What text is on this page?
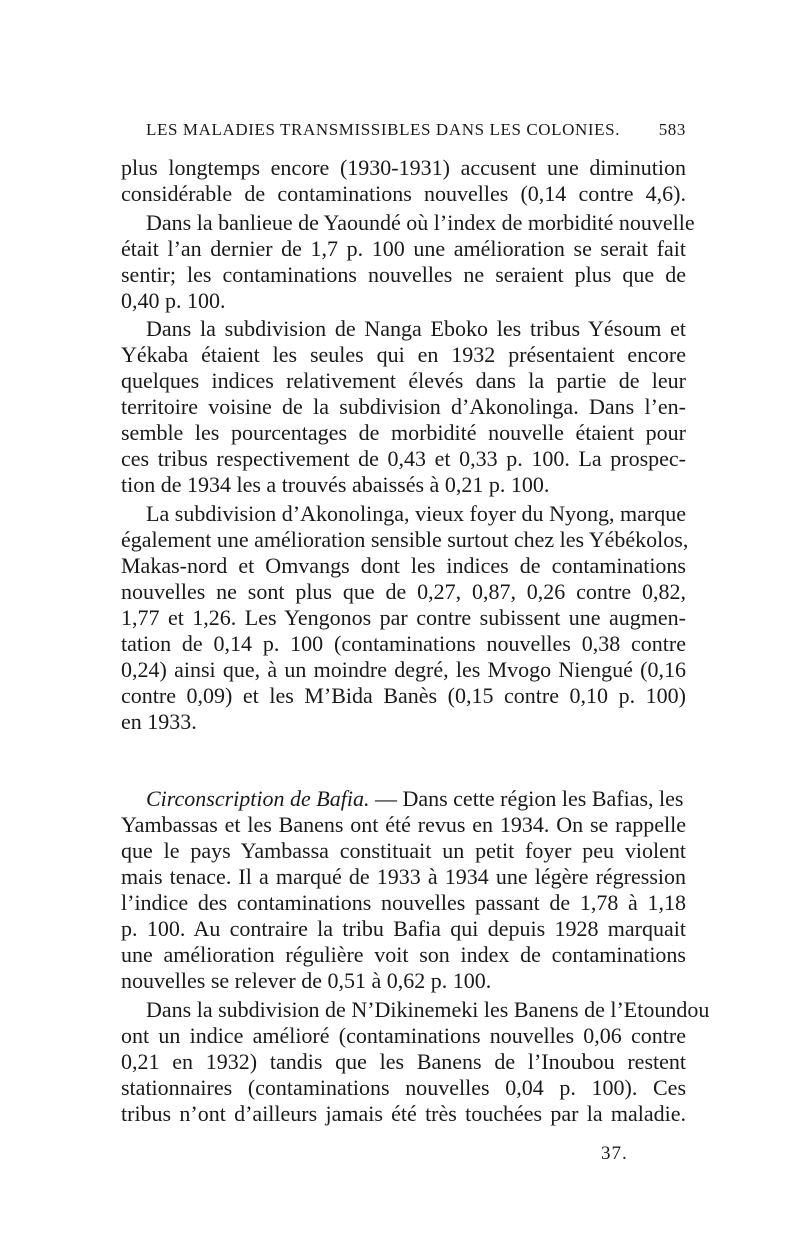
LES MALADIES TRANSMISSIBLES DANS LES COLONIES. 583
plus longtemps encore (1930-1931) accusent une diminution
considérable de contaminations nouvelles (0,14 contre 4,6).
Dans la banlieue de Yaoundé où l’index de morbidité nouvelle
était l’an dernier de 1,7 p. 100 une amélioration se serait fait
sentir; les contaminations nouvelles ne seraient plus que de
0,40 p. 100.
Dans la subdivision de Nanga Eboko les tribus Yésoum et
Yékaba étaient les seules qui en 1932 présentaient encore
quelques indices relativement élevés dans la partie de leur
territoire voisine de la subdivision d’Akonolinga. Dans l’en-
semble les pourcentages de morbidité nouvelle étaient pour
ces tribus respectivement de 0,43 et 0,33 p. 100. La prospec-
tion de 1934 les a trouvés abaissés à 0,21 p. 100.
La subdivision d’Akonolinga, vieux foyer du Nyong, marque
également une amélioration sensible surtout chez les Yébékolos,
Makas-nord et Omvangs dont les indices de contaminations
nouvelles ne sont plus que de 0,27, 0,87, 0,26 contre 0,82,
1,77 et 1,26. Les Yengonos par contre subissent une augmen-
tation de 0,14 p. 100 (contaminations nouvelles 0,38 contre
0,24) ainsi que, à un moindre degré, les Mvogo Niengué (0,16
contre 0,09) et les M’Bida Banès (0,15 contre 0,10 p. 100)
en 1933.
Circonscription de Bafia. — Dans cette région les Bafias, les
Yambassas et les Banens ont été revus en 1934. On se rappelle
que le pays Yambassa constituait un petit foyer peu violent
mais tenace. Il a marqué de 1933 à 1934 une légère régression
l’indice des contaminations nouvelles passant de 1,78 à 1,18
p. 100. Au contraire la tribu Bafia qui depuis 1928 marquait
une amélioration régulière voit son index de contaminations
nouvelles se relever de 0,51 à 0,62 p. 100.
Dans la subdivision de N’Dikinemeki les Banens de l’Etoundou
ont un indice amélioré (contaminations nouvelles 0,06 contre
0,21 en 1932) tandis que les Banens de l’Inoubou restent
stationnaires (contaminations nouvelles 0,04 p. 100). Ces
tribus n’ont d’ailleurs jamais été très touchées par la maladie.
37.
